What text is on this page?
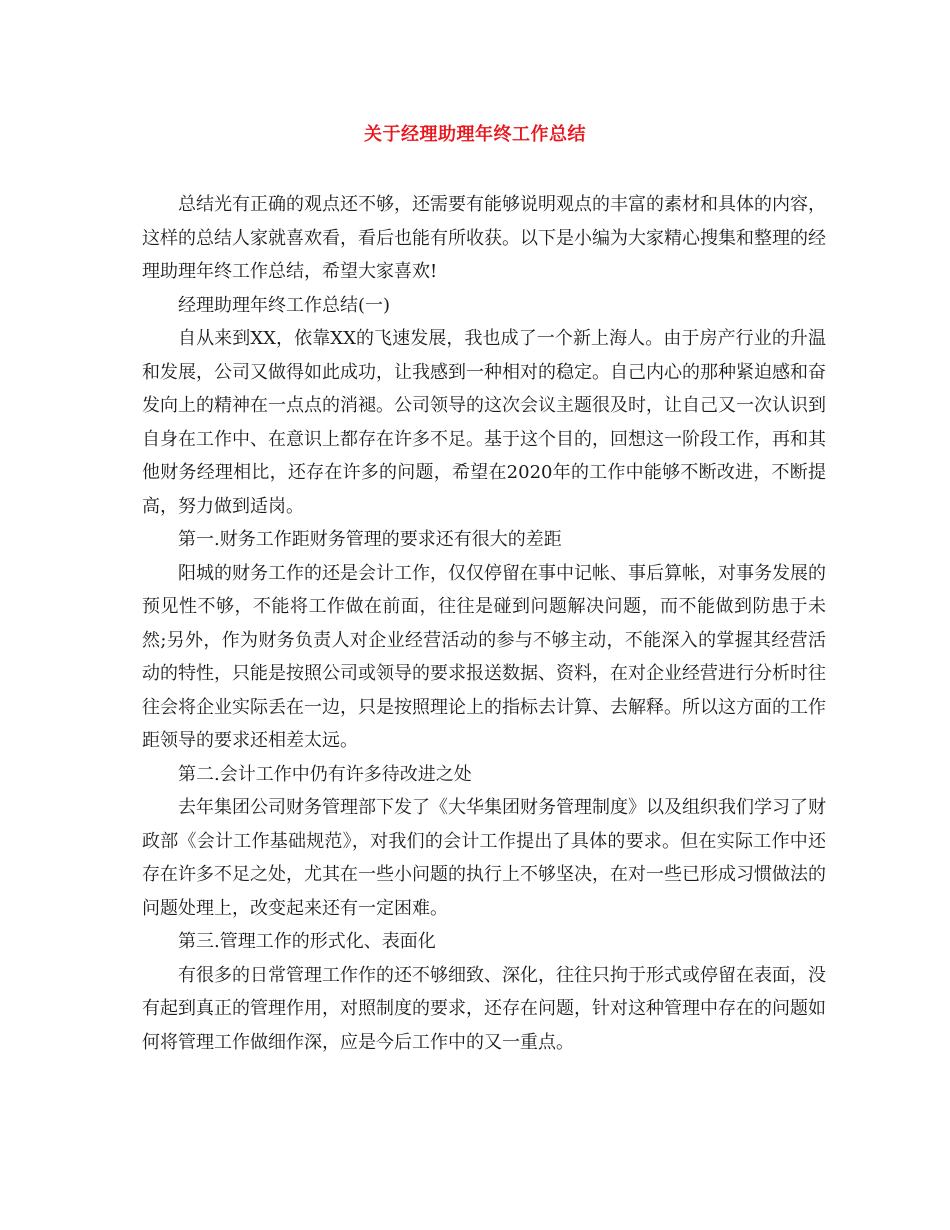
关于经理助理年终工作总结

总结光有正确的观点还不够，还需要有能够说明观点的丰富的素材和具体的内容，这样的总结人家就喜欢看，看后也能有所收获。以下是小编为大家精心搜集和整理的经理助理年终工作总结，希望大家喜欢!

经理助理年终工作总结(一)

自从来到XX，依靠XX的飞速发展，我也成了一个新上海人。由于房产行业的升温和发展，公司又做得如此成功，让我感到一种相对的稳定。自己内心的那种紧迫感和奋发向上的精神在一点点的消褪。公司领导的这次会议主题很及时，让自己又一次认识到自身在工作中、在意识上都存在许多不足。基于这个目的，回想这一阶段工作，再和其他财务经理相比，还存在许多的问题，希望在2020年的工作中能够不断改进，不断提高，努力做到适岗。

第一.财务工作距财务管理的要求还有很大的差距

阳城的财务工作的还是会计工作，仅仅停留在事中记帐、事后算帐，对事务发展的预见性不够，不能将工作做在前面，往往是碰到问题解决问题，而不能做到防患于未然;另外，作为财务负责人对企业经营活动的参与不够主动，不能深入的掌握其经营活动的特性，只能是按照公司或领导的要求报送数据、资料，在对企业经营进行分析时往往会将企业实际丢在一边，只是按照理论上的指标去计算、去解释。所以这方面的工作距领导的要求还相差太远。

第二.会计工作中仍有许多待改进之处

去年集团公司财务管理部下发了《大华集团财务管理制度》以及组织我们学习了财政部《会计工作基础规范》，对我们的会计工作提出了具体的要求。但在实际工作中还存在许多不足之处，尤其在一些小问题的执行上不够坚决，在对一些已形成习惯做法的问题处理上，改变起来还有一定困难。

第三.管理工作的形式化、表面化

有很多的日常管理工作作的还不够细致、深化，往往只拘于形式或停留在表面，没有起到真正的管理作用，对照制度的要求，还存在问题，针对这种管理中存在的问题如何将管理工作做细作深，应是今后工作中的又一重点。
